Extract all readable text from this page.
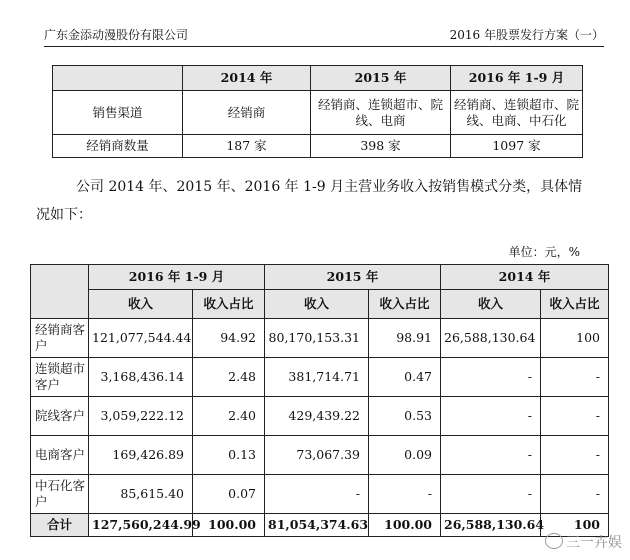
广东金添动漫股份有限公司	2016 年股票发行方案（一）
	2014 年	2015 年	2016 年 1-9 月
销售渠道	经销商	经销商、连锁超市、院线、电商	经销商、连锁超市、院线、电商、中石化
经销商数量	187 家	398 家	1097 家
公司 2014 年、2015 年、2016 年 1-9 月主营业务收入按销售模式分类，具体情况如下：
单位：元，%
	2016 年 1-9 月		2015 年		2014 年	
	收入	收入占比	收入	收入占比	收入	收入占比
经销商客户	121,077,544.44	94.92	80,170,153.31	98.91	26,588,130.64	100
连锁超市客户	3,168,436.14	2.48	381,714.71	0.47	-	-
院线客户	3,059,222.12	2.40	429,439.22	0.53	-	-
电商客户	169,426.89	0.13	73,067.39	0.09	-	-
中石化客户	85,615.40	0.07	-	-	-	-
合计	127,560,244.99	100.00	81,054,374.63	100.00	26,588,130.64	100
三一卉娱
